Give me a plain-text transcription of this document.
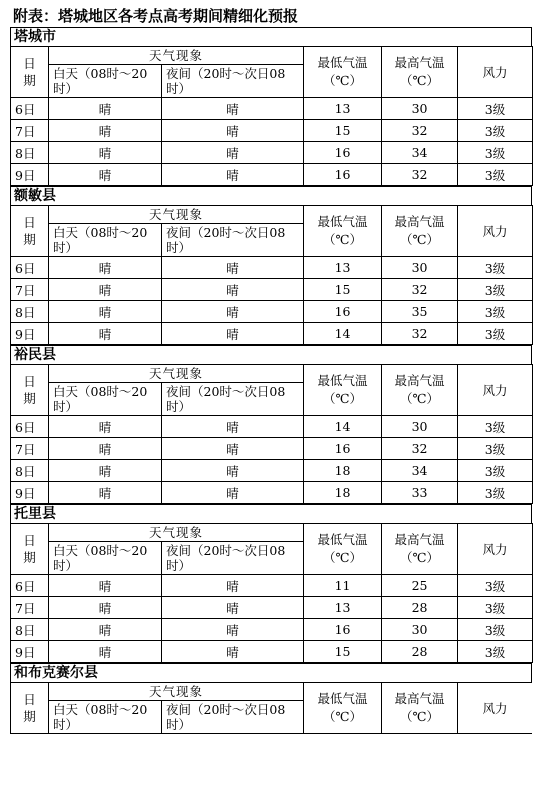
附表：塔城地区各考点高考期间精细化预报
塔城市
日期	天气现象		最低气温（℃）	最高气温（℃）	风力
	白天（08时～20时）	夜间（20时～次日08时）			
6日	晴	晴	13	30	3级
7日	晴	晴	15	32	3级
8日	晴	晴	16	34	3级
9日	晴	晴	16	32	3级
额敏县
日期	天气现象		最低气温（℃）	最高气温（℃）	风力
	白天（08时～20时）	夜间（20时～次日08时）			
6日	晴	晴	13	30	3级
7日	晴	晴	15	32	3级
8日	晴	晴	16	35	3级
9日	晴	晴	14	32	3级
裕民县
日期	天气现象		最低气温（℃）	最高气温（℃）	风力
	白天（08时～20时）	夜间（20时～次日08时）			
6日	晴	晴	14	30	3级
7日	晴	晴	16	32	3级
8日	晴	晴	18	34	3级
9日	晴	晴	18	33	3级
托里县
日期	天气现象		最低气温（℃）	最高气温（℃）	风力
	白天（08时～20时）	夜间（20时～次日08时）			
6日	晴	晴	11	25	3级
7日	晴	晴	13	28	3级
8日	晴	晴	16	30	3级
9日	晴	晴	15	28	3级
和布克赛尔县
日期	天气现象		最低气温（℃）	最高气温（℃）	风力
	白天（08时～20时）	夜间（20时～次日08时）			
